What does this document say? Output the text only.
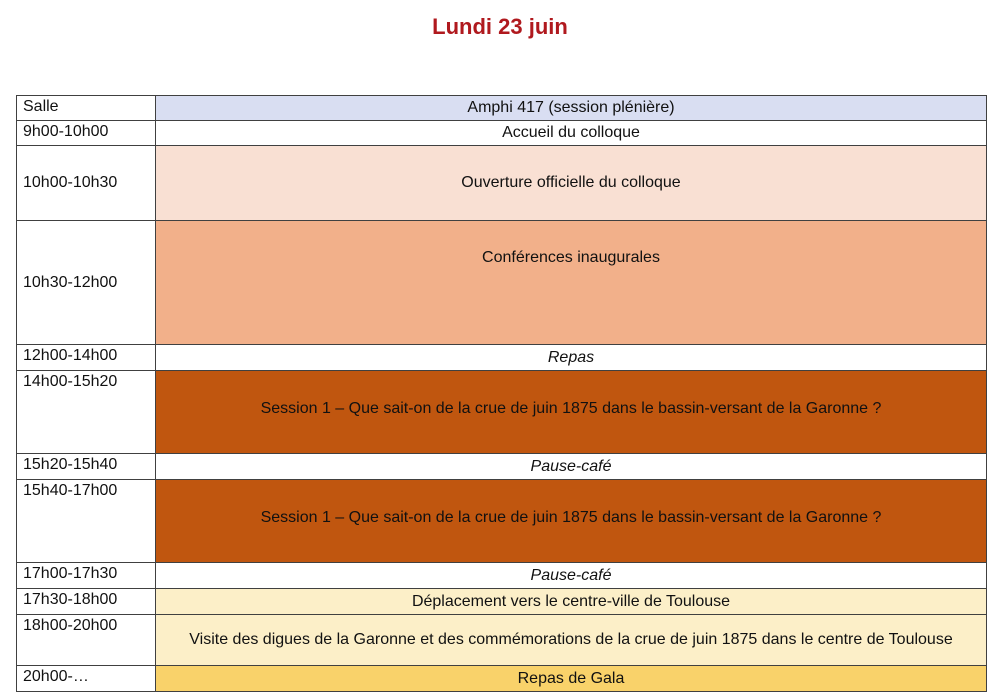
Lundi 23 juin
Salle	Amphi 417 (session plénière)
9h00-10h00	Accueil du colloque
10h00-10h30	Ouverture officielle du colloque
10h30-12h00	Conférences inaugurales
12h00-14h00	Repas
14h00-15h20	Session 1 – Que sait-on de la crue de juin 1875 dans le bassin-versant de la Garonne ?
15h20-15h40	Pause-café
15h40-17h00	Session 1 – Que sait-on de la crue de juin 1875 dans le bassin-versant de la Garonne ?
17h00-17h30	Pause-café
17h30-18h00	Déplacement vers le centre-ville de Toulouse
18h00-20h00	Visite des digues de la Garonne et des commémorations de la crue de juin 1875 dans le centre de Toulouse
20h00-…	Repas de Gala
